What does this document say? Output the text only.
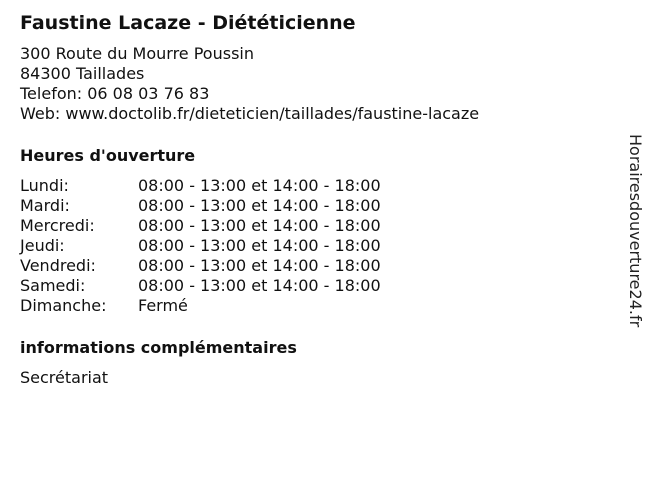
Faustine Lacaze - Diététicienne
300 Route du Mourre Poussin
84300 Taillades
Telefon: 06 08 03 76 83
Web: www.doctolib.fr/dieteticien/taillades/faustine-lacaze
Heures d'ouverture
Lundi:	08:00 - 13:00 et 14:00 - 18:00
Mardi:	08:00 - 13:00 et 14:00 - 18:00
Mercredi:	08:00 - 13:00 et 14:00 - 18:00
Jeudi:	08:00 - 13:00 et 14:00 - 18:00
Vendredi:	08:00 - 13:00 et 14:00 - 18:00
Samedi:	08:00 - 13:00 et 14:00 - 18:00
Dimanche:	Fermé
informations complémentaires
Secrétariat
Horairesdouverture24.fr
